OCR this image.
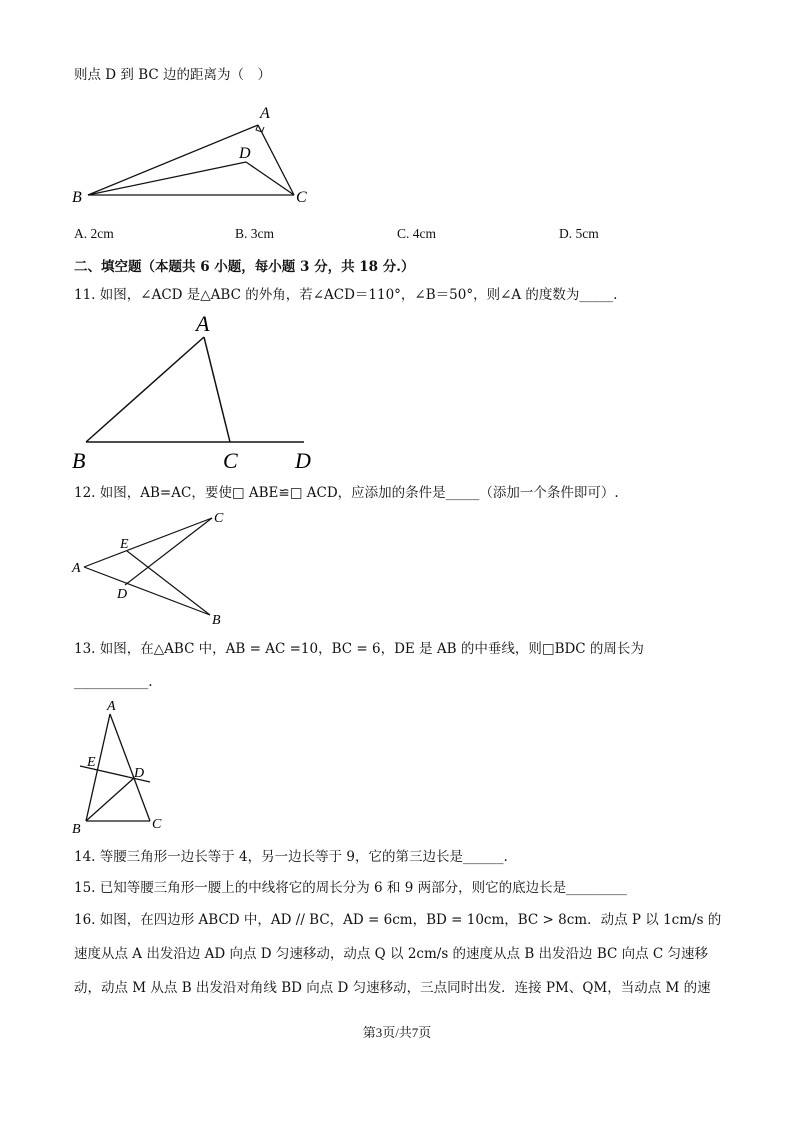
则点 D 到 BC 边的距离为（　）
A
D
B	C
A. 2cm	B. 3cm	C. 4cm	D. 5cm
二、填空题（本题共 6 小题，每小题 3 分，共 18 分.）
11. 如图，∠ACD 是△ABC 的外角，若∠ACD＝110°，∠B＝50°，则∠A 的度数为_____.
A
B	C	D
12. 如图，AB=AC，要使□ ABE≌□ ACD，应添加的条件是_____（添加一个条件即可）.
C
E
A
D
B
13. 如图，在△ABC 中，AB = AC =10，BC = 6，DE 是 AB 的中垂线，则□BDC 的周长为
___________.
A
E
D
B	C
14. 等腰三角形一边长等于 4，另一边长等于 9，它的第三边长是______.
15. 已知等腰三角形一腰上的中线将它的周长分为 6 和 9 两部分，则它的底边长是_________
16. 如图，在四边形 ABCD 中，AD // BC，AD = 6cm，BD = 10cm，BC > 8cm．动点 P 以 1cm/s 的
速度从点 A 出发沿边 AD 向点 D 匀速移动，动点 Q 以 2cm/s 的速度从点 B 出发沿边 BC 向点 C 匀速移
动，动点 M 从点 B 出发沿对角线 BD 向点 D 匀速移动，三点同时出发．连接 PM、QM，当动点 M 的速
第3页/共7页
